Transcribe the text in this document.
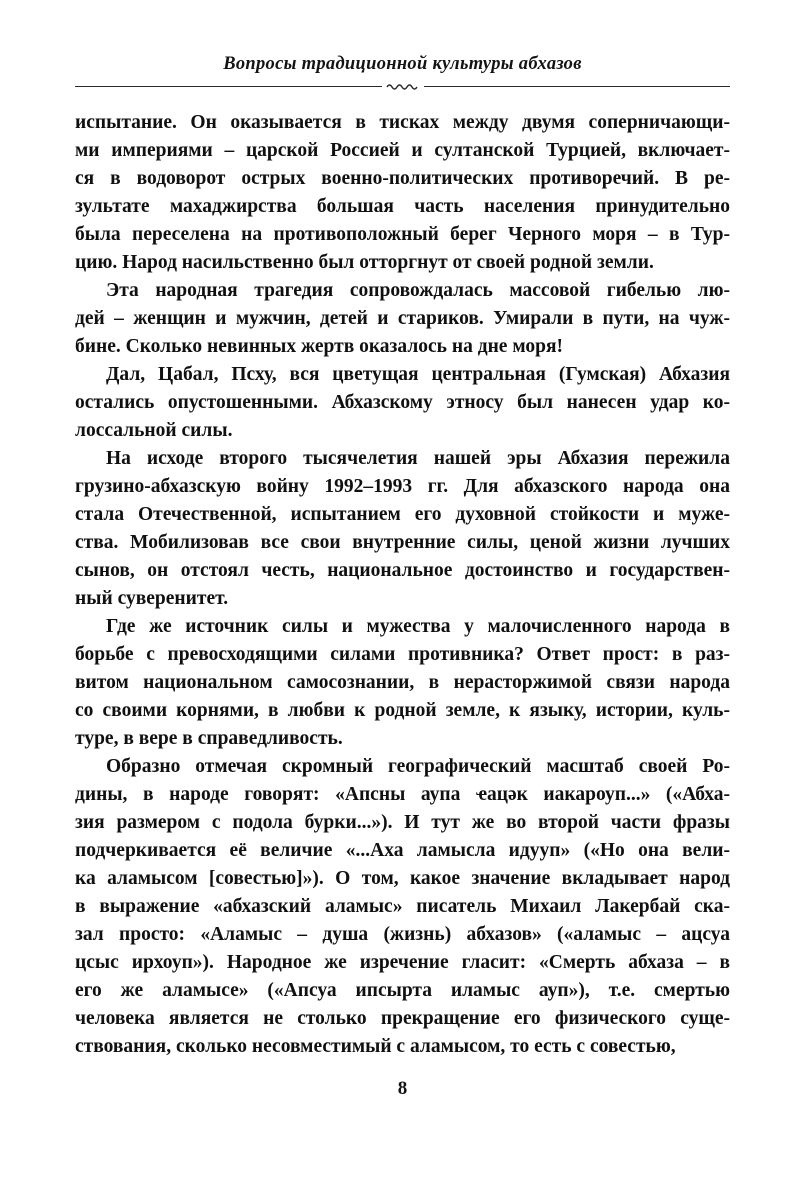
Вопросы традиционной культуры абхазов
испытание. Он оказывается в тисках между двумя соперничающи-
ми империями – царской Россией и султанской Турцией, включает-
ся в водоворот острых военно-политических противоречий. В ре-
зультате махаджирства большая часть населения принудительно
была переселена на противоположный берег Черного моря – в Тур-
цию. Народ насильственно был отторгнут от своей родной земли.
Эта народная трагедия сопровождалась массовой гибелью лю-
дей – женщин и мужчин, детей и стариков. Умирали в пути, на чуж-
бине. Сколько невинных жертв оказалось на дне моря!
Дал, Цабал, Псху, вся цветущая центральная (Гумская) Абхазия
остались опустошенными. Абхазскому этносу был нанесен удар ко-
лоссальной силы.
На исходе второго тысячелетия нашей эры Абхазия пережила
грузино-абхазскую войну 1992–1993 гг. Для абхазского народа она
стала Отечественной, испытанием его духовной стойкости и муже-
ства. Мобилизовав все свои внутренние силы, ценой жизни лучших
сынов, он отстоял честь, национальное достоинство и государствен-
ный суверенитет.
Где же источник силы и мужества у малочисленного народа в
борьбе с превосходящими силами противника? Ответ прост: в раз-
витом национальном самосознании, в нерасторжимой связи народа
со своими корнями, в любви к родной земле, к языку, истории, куль-
туре, в вере в справедливость.
Образно отмечая скромный географический масштаб своей Ро-
дины, в народе говорят: «Апсны аупа ҽацәк иакароуп...» («Абха-
зия размером с подола бурки...»). И тут же во второй части фразы
подчеркивается её величие «...Аха ламысла идууп» («Но она вели-
ка аламысом [совестью]»). О том, какое значение вкладывает народ
в выражение «абхазский аламыс» писатель Михаил Лакербай ска-
зал просто: «Аламыс – душа (жизнь) абхазов» («аламыс – ацсуа
цсыс ирхоуп»). Народное же изречение гласит: «Смерть абхаза – в
его же аламысе» («Апсуа ипсырта иламыс ауп»), т.е. смертью
человека является не столько прекращение его физического суще-
ствования, сколько несовместимый с аламысом, то есть с совестью,
8
